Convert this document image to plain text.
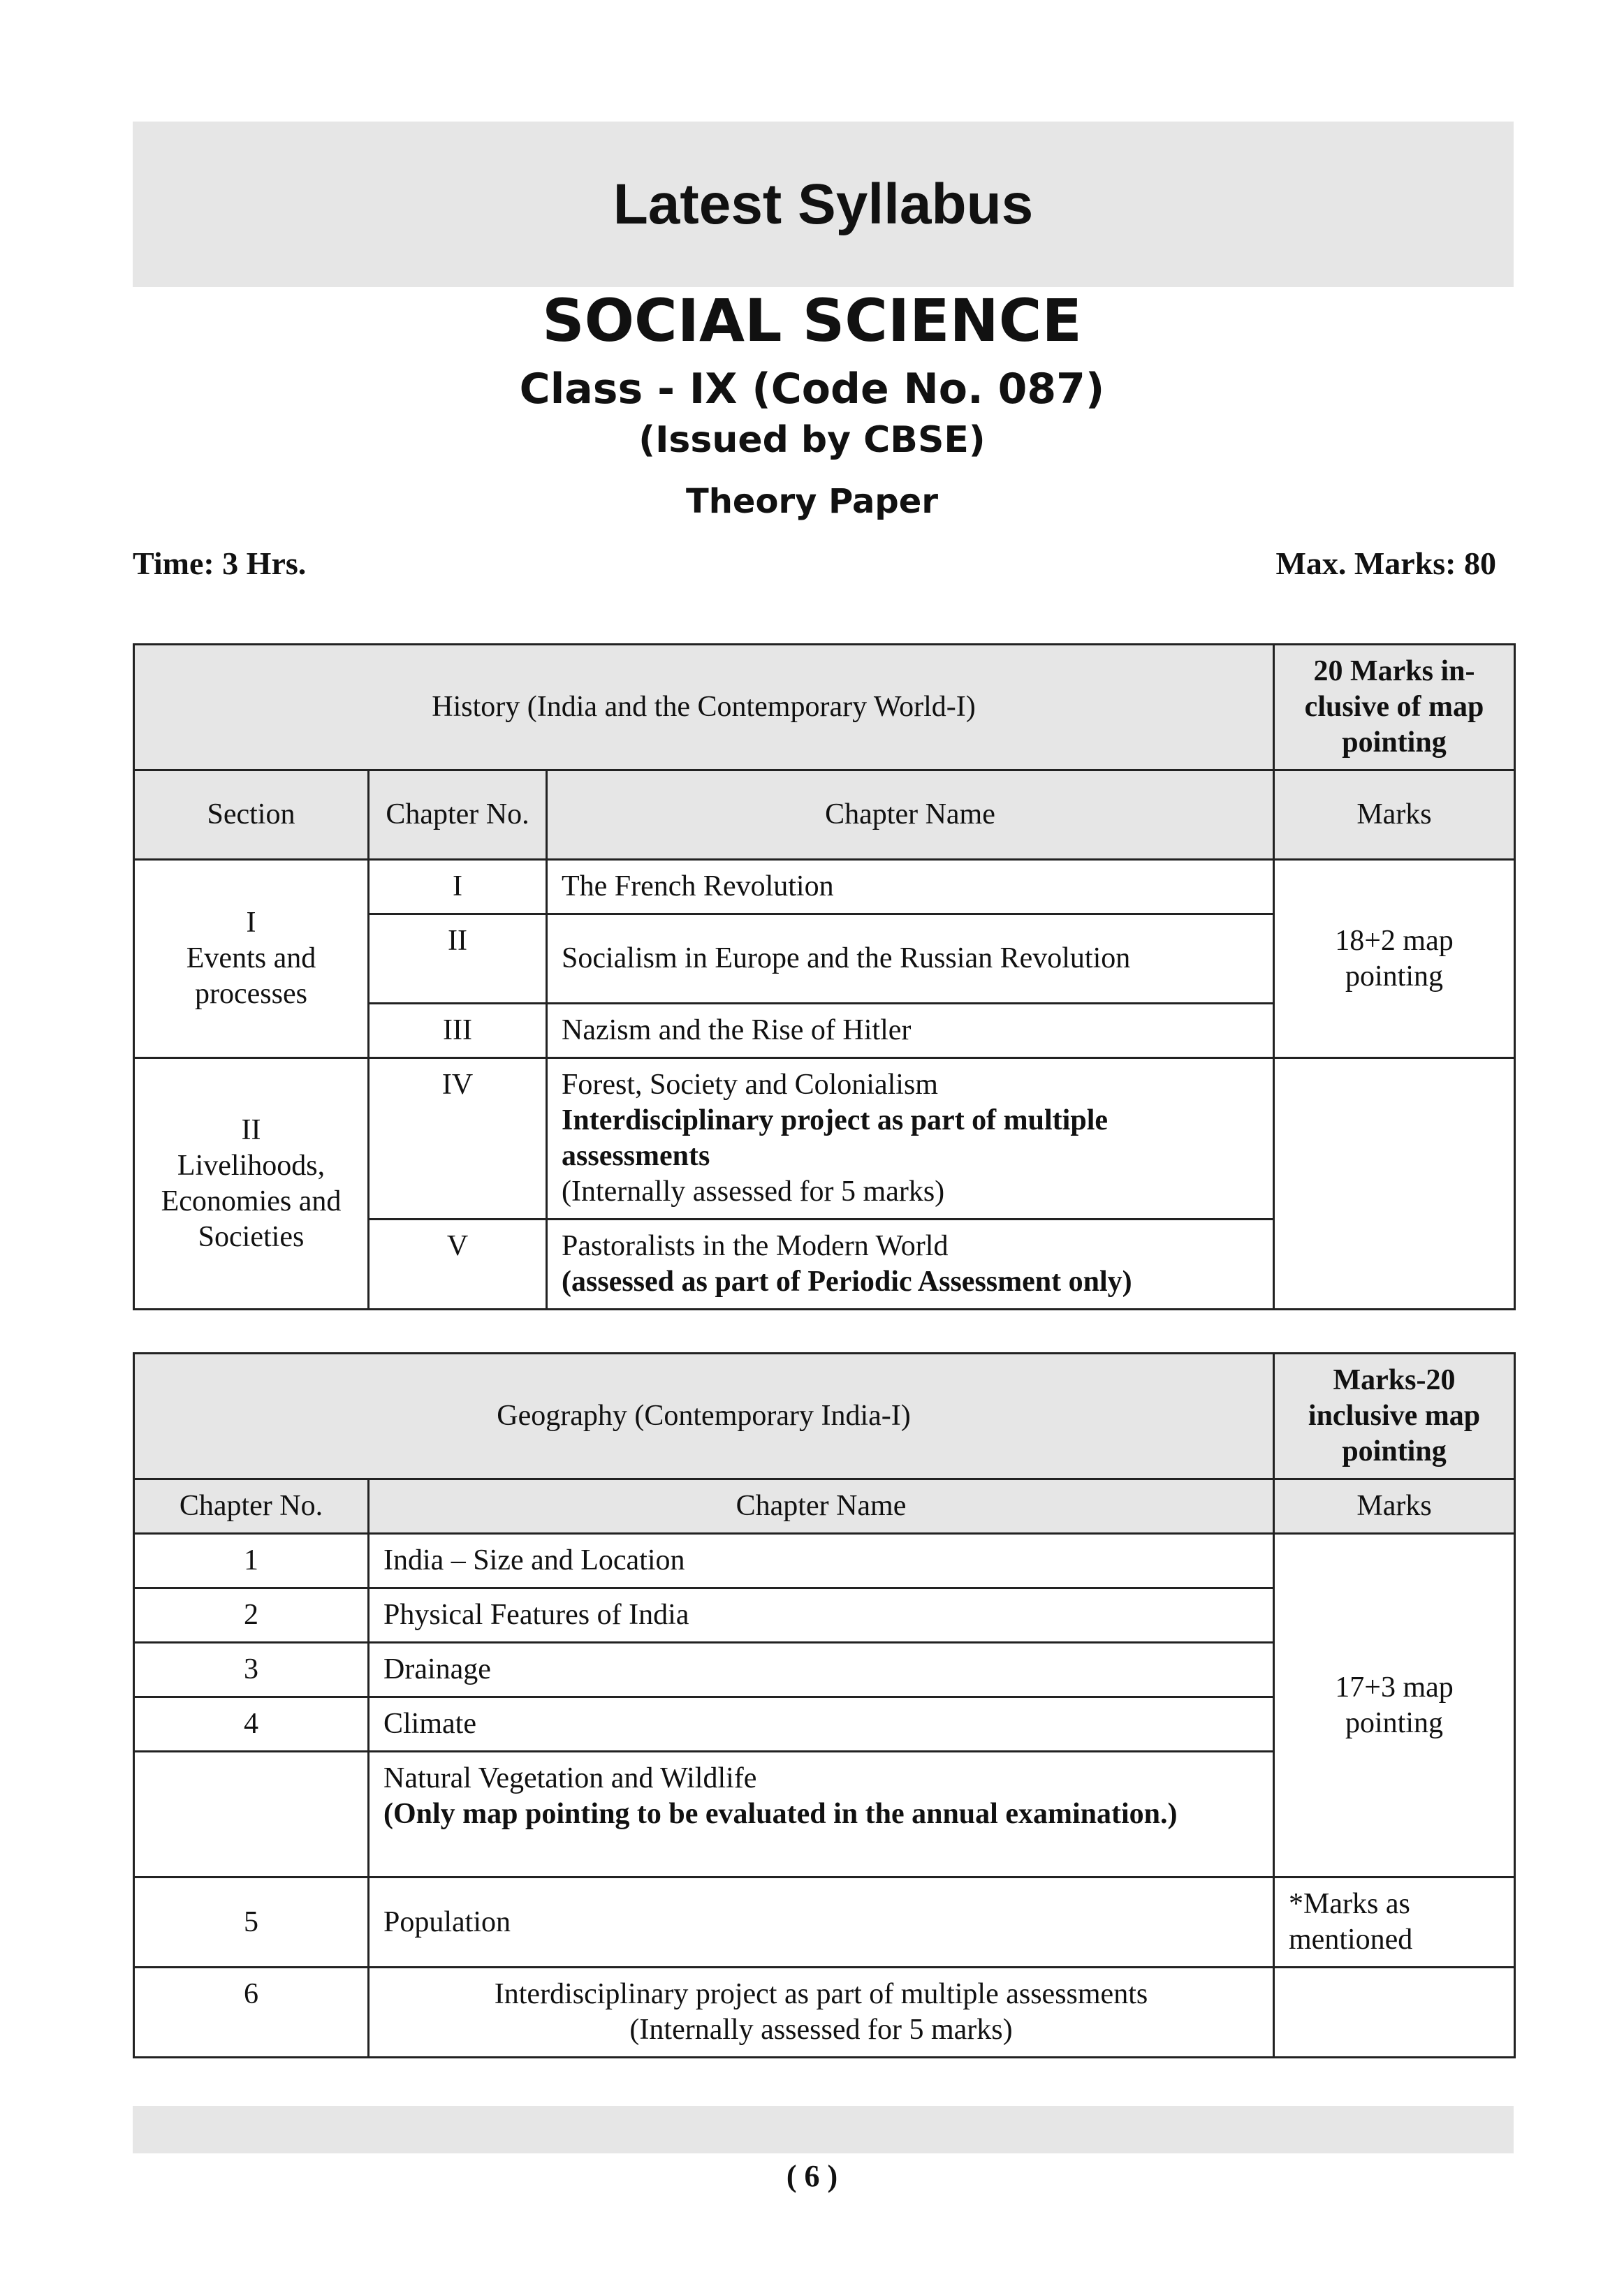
Latest Syllabus
SOCIAL SCIENCE
Class - IX (Code No. 087)
(Issued by CBSE)
Theory Paper
Time: 3 Hrs.	Max. Marks: 80
History (India and the Contemporary World-I)			20 Marks in-clusive of map pointing
Section	Chapter No.	Chapter Name	Marks

I
Events and processes	I	The French Revolution	18+2 map pointing
	II	Socialism in Europe and the Russian Revolution	
	III	Nazism and the Rise of Hitler	

II
Livelihoods, Economies and Societies	IV	Forest, Society and Colonialism
Interdisciplinary project as part of multiple assessments
(Internally assessed for 5 marks)	

	V	Pastoralists in the Modern World
(assessed as part of Periodic Assessment only)	
Geography (Contemporary India-I)		Marks-20 inclusive map pointing
Chapter No.	Chapter Name	Marks
1	India – Size and Location	17+3 map pointing
2	Physical Features of India	
3	Drainage	
4	Climate	

	Natural Vegetation and Wildlife
(Only map pointing to be evaluated in the annual examination.)	

5	Population	*Marks as mentioned
6	Interdisciplinary project as part of multiple assessments
(Internally assessed for 5 marks)	

( 6 )
